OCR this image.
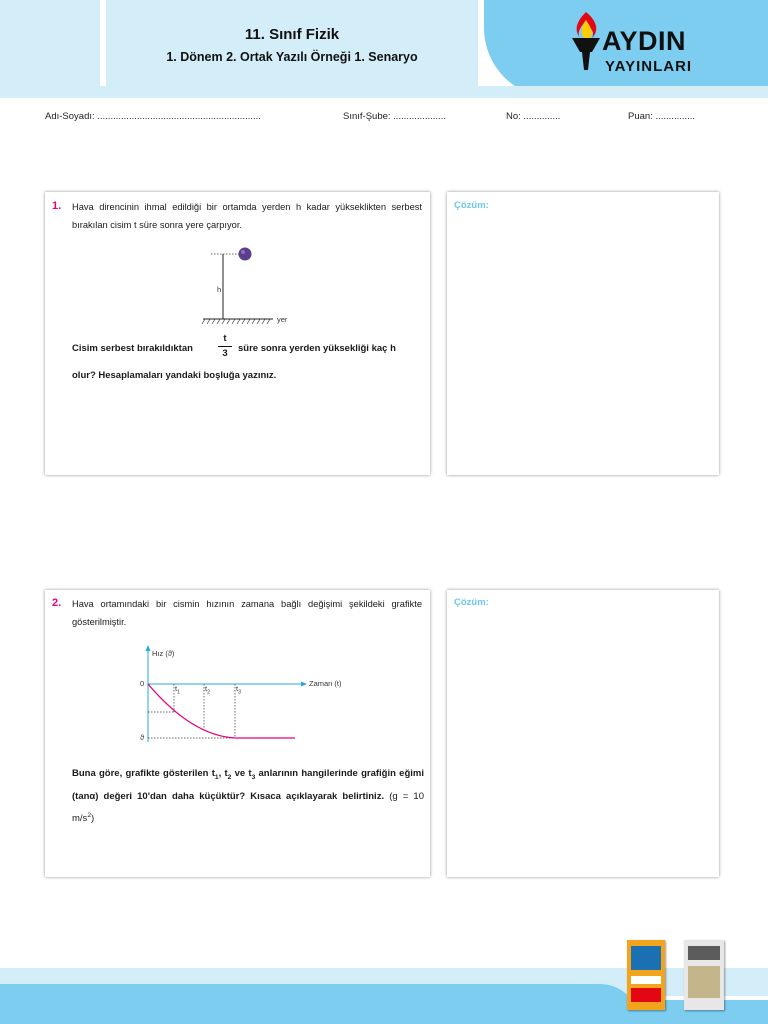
11. Sınıf Fizik
1. Dönem 2. Ortak Yazılı Örneği 1. Senaryo
AYDIN
YAYINLARI
Adı-Soyadı: ..............................................................	Sınıf-Şube: ....................	No: ..............	Puan: ...............
1. Hava direncinin ihmal edildiği bir ortamda yerden h kadar yükseklikten serbest bırakılan cisim t süre sonra yere çarpıyor.
h
yer
Cisim serbest bırakıldıktan
t
3	süre sonra yerden yüksekliği kaç h
olur? Hesaplamaları yandaki boşluğa yazınız.
Çözüm:
2. Hava ortamındaki bir cismin hızının zamana bağlı değişimi şekildeki grafikte gösterilmiştir.
Hız (ϑ)
Zaman (t)
0
ϑ
$t_1$	$t_2$	$t_3$
Buna göre, grafikte gösterilen $t_1$, $t_2$ ve $t_3$ anlarının hangilerinde grafiğin eğimi (tanα) değeri 10'dan daha küçüktür? Kısaca açıklayarak belirtiniz. (g = 10 $m/s^2$)
Çözüm:
